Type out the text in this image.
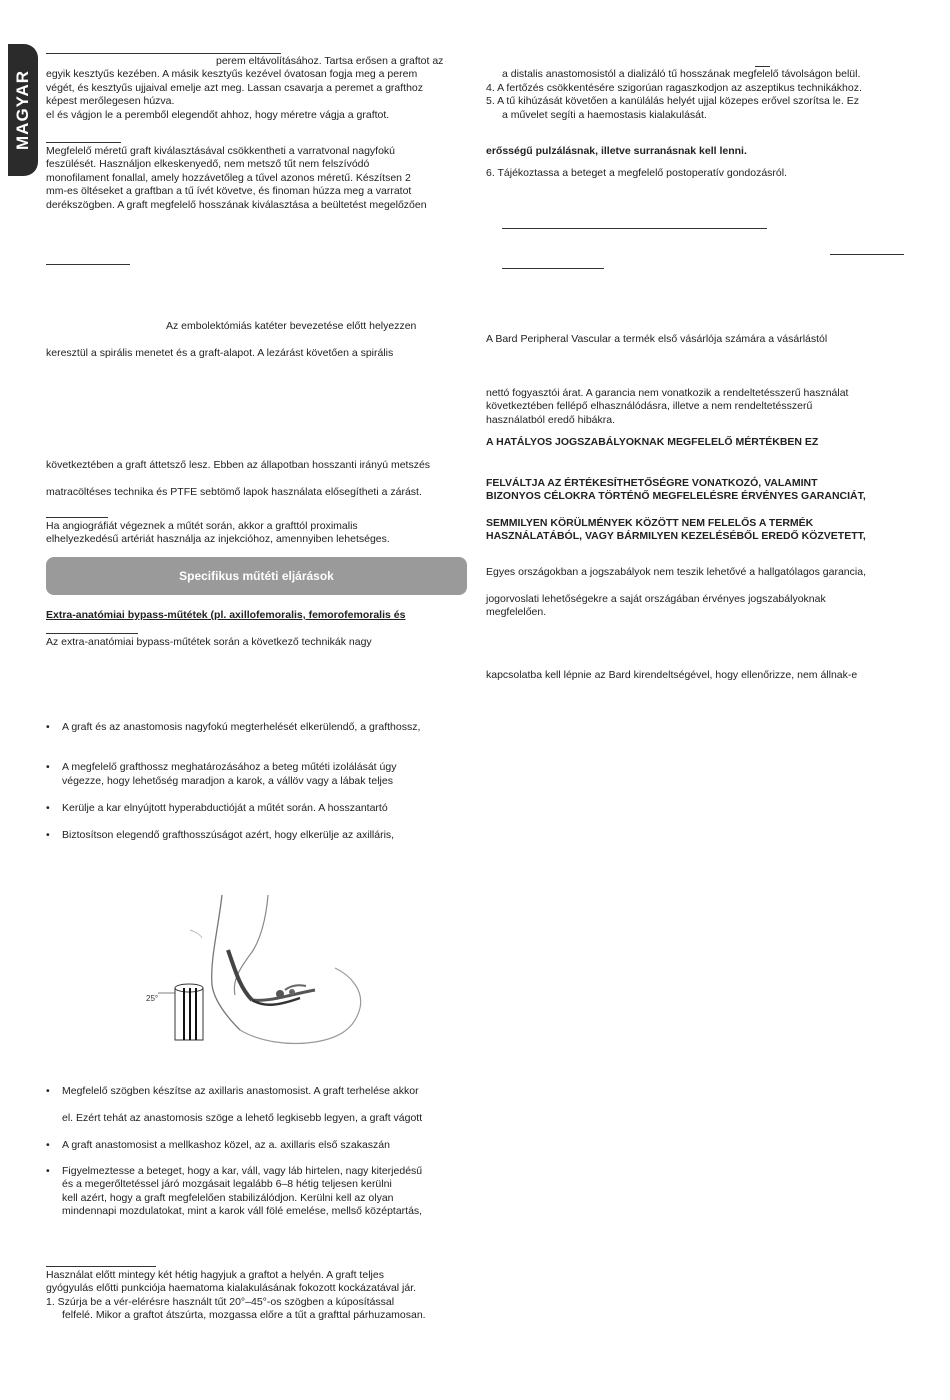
MAGYAR
perem eltávolításához. Tartsa erősen a graftot az
egyik kesztyűs kezében. A másik kesztyűs kezével óvatosan fogja meg a perem
végét, és kesztyűs ujjaival emelje azt meg. Lassan csavarja a peremet a grafthoz
képest merőlegesen húzva.
el és vágjon le a peremből elegendőt ahhoz, hogy méretre vágja a graftot.
Megfelelő méretű graft kiválasztásával csökkentheti a varratvonal nagyfokú
feszülését. Használjon elkeskenyedő, nem metsző tűt nem felszívódó
monofilament fonallal, amely hozzávetőleg a tűvel azonos méretű. Készítsen 2
mm-es öltéseket a graftban a tű ívét követve, és finoman húzza meg a varratot
derékszögben. A graft megfelelő hosszának kiválasztása a beültetést megelőzően
Az embolektómiás katéter bevezetése előtt helyezzen
keresztül a spirális menetet és a graft-alapot. A lezárást követően a spirális
következtében a graft áttetsző lesz. Ebben az állapotban hosszanti irányú metszés
matracöltéses technika és PTFE sebtömő lapok használata elősegítheti a zárást.
Ha angiográfiát végeznek a műtét során, akkor a grafttól proximalis
elhelyezkedésű artériát használja az injekcióhoz, amennyiben lehetséges.
Specifikus műtéti eljárások
Extra-anatómiai bypass-műtétek (pl. axillofemoralis, femorofemoralis és
Az extra-anatómiai bypass-műtétek során a következő technikák nagy
• A graft és az anastomosis nagyfokú megterhelését elkerülendő, a grafthossz,
• A megfelelő grafthossz meghatározásához a beteg műtéti izolálását úgy
végezze, hogy lehetőség maradjon a karok, a vállöv vagy a lábak teljes
• Kerülje a kar elnyújtott hyperabductióját a műtét során. A hosszantartó
• Biztosítson elegendő grafthosszúságot azért, hogy elkerülje az axilláris,
25°
• Megfelelő szögben készítse az axillaris anastomosist. A graft terhelése akkor
el. Ezért tehát az anastomosis szöge a lehető legkisebb legyen, a graft vágott
• A graft anastomosist a mellkashoz közel, az a. axillaris első szakaszán
• Figyelmeztesse a beteget, hogy a kar, váll, vagy láb hirtelen, nagy kiterjedésű
és a megerőltetéssel járó mozgásait legalább 6–8 hétig teljesen kerülni
kell azért, hogy a graft megfelelően stabilizálódjon. Kerülni kell az olyan
mindennapi mozdulatokat, mint a karok váll fölé emelése, mellső középtartás,
Használat előtt mintegy két hétig hagyjuk a graftot a helyén. A graft teljes
gyógyulás előtti punkciója haematoma kialakulásának fokozott kockázatával jár.
1. Szúrja be a vér-elérésre használt tűt 20°–45°-os szögben a kúposítással
felfelé. Mikor a graftot átszúrta, mozgassa előre a tűt a grafttal párhuzamosan.
a distalis anastomosistól a dializáló tű hosszának megfelelő távolságon belül.
4. A fertőzés csökkentésére szigorúan ragaszkodjon az aszeptikus technikákhoz.
5. A tű kihúzását követően a kanülálás helyét ujjal közepes erővel szorítsa le. Ez
a művelet segíti a haemostasis kialakulását.
erősségű pulzálásnak, illetve surranásnak kell lenni.
6. Tájékoztassa a beteget a megfelelő postoperatív gondozásról.
A Bard Peripheral Vascular a termék első vásárlója számára a vásárlástól
nettó fogyasztói árat. A garancia nem vonatkozik a rendeltetésszerű használat
következtében fellépő elhasználódásra, illetve a nem rendeltetésszerű
használatból eredő hibákra.
A HATÁLYOS JOGSZABÁLYOKNAK MEGFELELŐ MÉRTÉKBEN EZ
FELVÁLTJA AZ ÉRTÉKESÍTHETŐSÉGRE VONATKOZÓ, VALAMINT
BIZONYOS CÉLOKRA TÖRTÉNŐ MEGFELELÉSRE ÉRVÉNYES GARANCIÁT,
SEMMILYEN KÖRÜLMÉNYEK KÖZÖTT NEM FELELŐS A TERMÉK
HASZNÁLATÁBÓL, VAGY BÁRMILYEN KEZELÉSÉBŐL EREDŐ KÖZVETETT,
Egyes országokban a jogszabályok nem teszik lehetővé a hallgatólagos garancia,
jogorvoslati lehetőségekre a saját országában érvényes jogszabályoknak
megfelelően.
kapcsolatba kell lépnie az Bard kirendeltségével, hogy ellenőrizze, nem állnak-e
